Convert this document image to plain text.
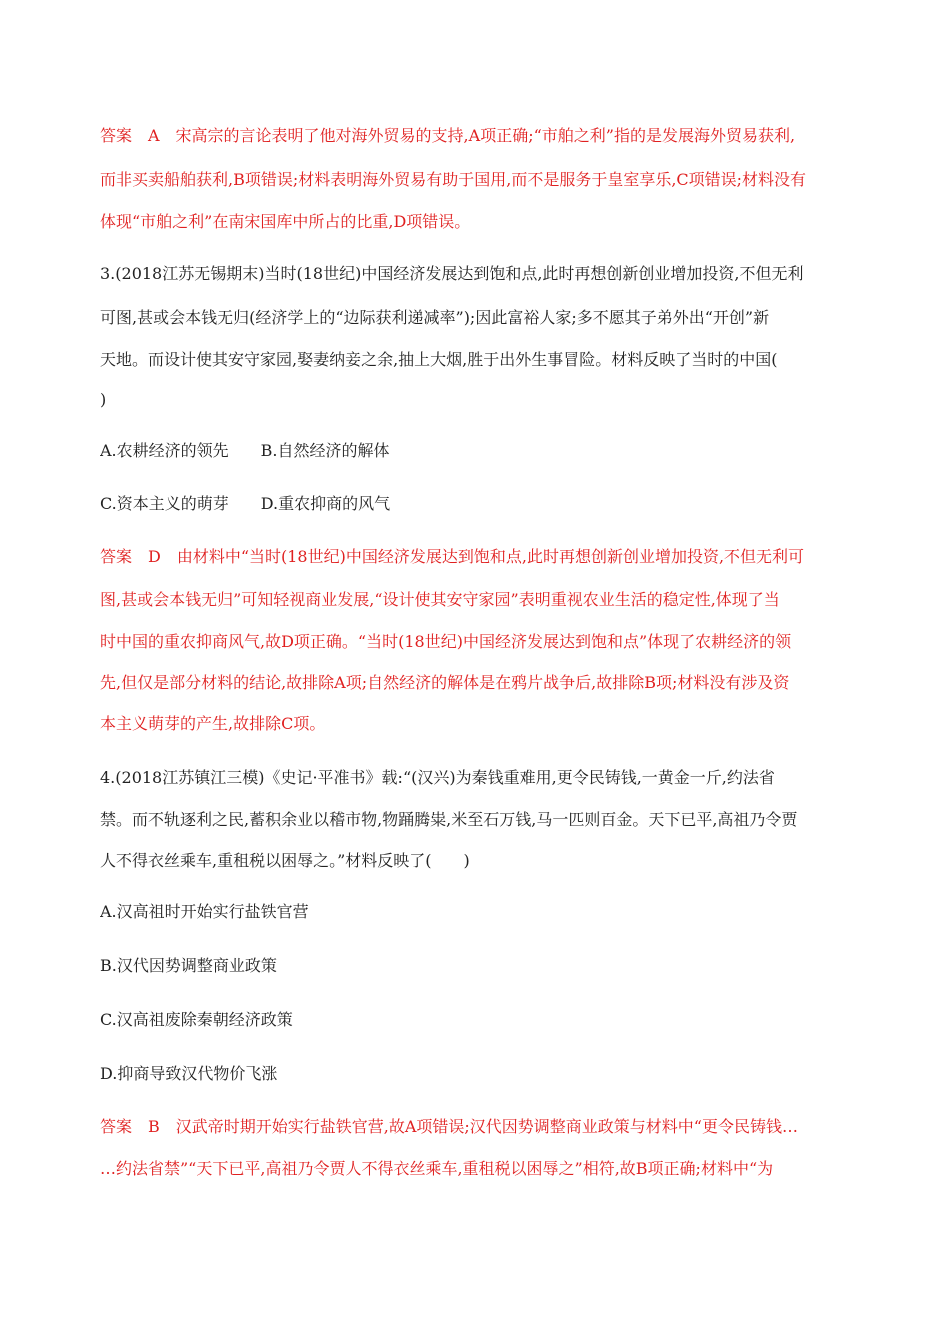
答案　A　宋高宗的言论表明了他对海外贸易的支持,A项正确;“市舶之利”指的是发展海外贸易获利,
而非买卖船舶获利,B项错误;材料表明海外贸易有助于国用,而不是服务于皇室享乐,C项错误;材料没有
体现“市舶之利”在南宋国库中所占的比重,D项错误。
3.(2018江苏无锡期末)当时(18世纪)中国经济发展达到饱和点,此时再想创新创业增加投资,不但无利
可图,甚或会本钱无归(经济学上的“边际获利递减率”);因此富裕人家;多不愿其子弟外出“开创”新
天地。而设计使其安守家园,娶妻纳妾之余,抽上大烟,胜于出外生事冒险。材料反映了当时的中国(
)
A.农耕经济的领先　　B.自然经济的解体
C.资本主义的萌芽　　D.重农抑商的风气
答案　D　由材料中“当时(18世纪)中国经济发展达到饱和点,此时再想创新创业增加投资,不但无利可
图,甚或会本钱无归”可知轻视商业发展,“设计使其安守家园”表明重视农业生活的稳定性,体现了当
时中国的重农抑商风气,故D项正确。“当时(18世纪)中国经济发展达到饱和点”体现了农耕经济的领
先,但仅是部分材料的结论,故排除A项;自然经济的解体是在鸦片战争后,故排除B项;材料没有涉及资
本主义萌芽的产生,故排除C项。
4.(2018江苏镇江三模)《史记·平准书》载:“(汉兴)为秦钱重难用,更令民铸钱,一黄金一斤,约法省
禁。而不轨逐利之民,蓄积余业以稽市物,物踊腾粜,米至石万钱,马一匹则百金。天下已平,高祖乃令贾
人不得衣丝乘车,重租税以困辱之。”材料反映了(　　)
A.汉高祖时开始实行盐铁官营
B.汉代因势调整商业政策
C.汉高祖废除秦朝经济政策
D.抑商导致汉代物价飞涨
答案　B　汉武帝时期开始实行盐铁官营,故A项错误;汉代因势调整商业政策与材料中“更令民铸钱…
…约法省禁”“天下已平,高祖乃令贾人不得衣丝乘车,重租税以困辱之”相符,故B项正确;材料中“为
